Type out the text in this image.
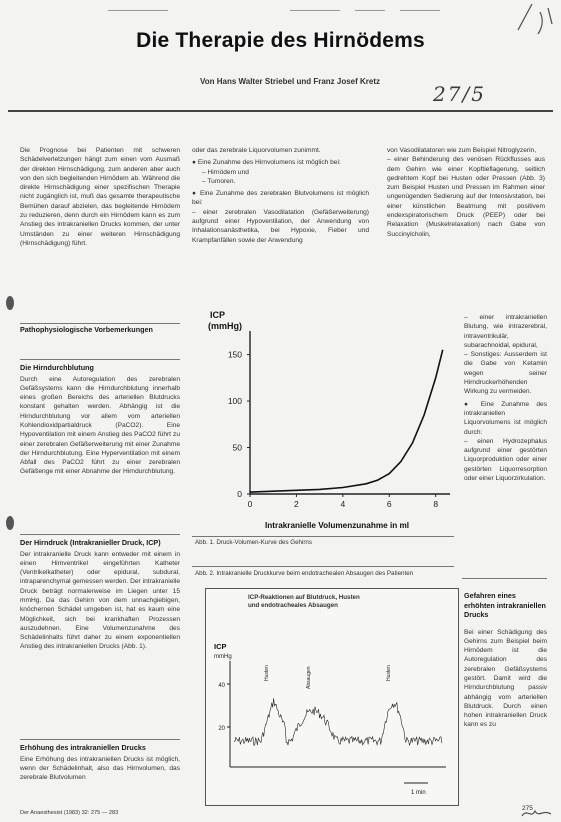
Die Therapie des Hirnödems
Von Hans Walter Striebel und Franz Josef Kretz
27/5

Die Prognose bei Patienten mit schweren Schädelverletzungen hängt zum einen vom Ausmaß der direkten Hirnschädigung, zum anderen aber auch von den sich begleitenden Hirnödem ab. Während die direkte Hirnschädigung einer spezifischen Therapie nicht zugänglich ist, muß das gesamte therapeutische Bemühen darauf abzielen, das begleitende Hirnödem zu reduzieren, denn durch ein Hirnödem kann es zum Anstieg des intrakraniellen Drucks kommen, der unter Umständen zu einer weiteren Hirnschädigung (Hirnschädigung) führt.

Pathophysiologische Vorbemerkungen

Die Hirndurchblutung

Durch eine Autoregulation des zerebralen Gefäßsystems kann die Hirndurchblutung innerhalb eines großen Bereichs des arteriellen Blutdrucks konstant gehalten werden. Abhängig ist die Hirndurchblutung vor allem vom arteriellen Kohlendioxidpartialdruck (PaCO2). Eine Hypoventilation mit einem Anstieg des PaCO2 führt zu einer zerebralen Gefäßerweiterung mit einer Zunahme der Hirndurchblutung. Eine Hyperventilation mit einem Abfall des PaCO2 führt zu einer zerebralen Gefäßenge mit einer Abnahme der Hirndurchblutung.

Der Hirndruck (Intrakranieller Druck, ICP)

Der intrakranielle Druck kann entweder mit einem in einen Hirnventrikel eingeführten Katheter (Ventrikelkatheter) oder epidural, subdural, intraparenchymal gemessen werden. Der intrakranielle Druck beträgt normalerweise im Liegen unter 15 mmHg. Da das Gehirn von dem unnachgiebigen, knöchernen Schädel umgeben ist, hat es kaum eine Möglichkeit, sich bei krankhaften Prozessen auszudehnen. Eine Volumenzunahme des Schädelinhalts führt daher zu einem exponentiellen Anstieg des intrakraniellen Drucks (Abb. 1).

Erhöhung des intrakraniellen Drucks

Eine Erhöhung des intrakraniellen Drucks ist möglich, wenn der Schädelinhalt, also das Hirnvolumen, das zerebrale Blutvolumen

Der Anaesthesist (1983) 32: 275 — 283

oder das zerebrale Liquorvolumen zunimmt.

● Eine Zunahme des Hirnvolumens ist möglich bei:

– Hirnödem und

– Tumoren.

● Eine Zunahme des zerebralen Blutvolumens ist möglich bei:

– einer zerebralen Vasodilatation (Gefäßerweiterung) aufgrund einer Hypoventilation, der Anwendung von Inhalationsanästhetika, bei Hypoxie, Fieber und Krampfanfällen sowie der Anwendung

ICP
(mmHg)
0
50
100
150
0	2	4	6	8
Intrakranielle Volumenzunahme in ml

Abb. 1. Druck-Volumen-Kurve des Gehirns

Abb. 2. Intrakranielle Druckkurve beim endotrachealen Absaugen des Patienten

ICP-Reaktionen auf Blutdruck, Husten

und endotracheales Absaugen

ICP
mmHg
40
20
Husten	Absaugen	Husten
1 min

von Vasodilatatoren wie zum Beispiel Nitroglyzerin,

– einer Behinderung des venösen Rückflusses aus dem Gehirn wie einer Kopftieflagerung, seitlich gedrehtem Kopf bei Husten oder Pressen (Abb. 3) zum Beispiel Husten und Pressen im Rahmen einer ungenügenden Sedierung auf der Intensivstation, bei einer künstlichen Beatmung mit positivem endexspiratorischem Druck (PEEP) oder bei Relaxation (Muskelrelaxation) nach Gabe von Succinylcholin,

– einer intrakraniellen Blutung, wie intrazerebral, intraventrikulär, subarachnoidal, epidural,

– Sonstiges: Ausserdem ist die Gabe von Ketamin wegen seiner Hirndruckerhöhenden Wirkung zu vermeiden.

● Eine Zunahme des intrakraniellen Liquorvolumens ist möglich durch:

– einen Hydrozephalus aufgrund einer gestörten Liquorproduktion oder einer gestörten Liquorresorption oder einer Liquorzirkulation.

Gefahren eines erhöhten intrakraniellen Drucks

Bei einer Schädigung des Gehirns zum Beispiel beim Hirnödem ist die Autoregulation des zerebralen Gefäßsystems gestört. Damit wird die Hirndurchblutung passiv abhängig vom arteriellen Blutdruck. Durch einen hohen intrakraniellen Druck kann es zu

275
